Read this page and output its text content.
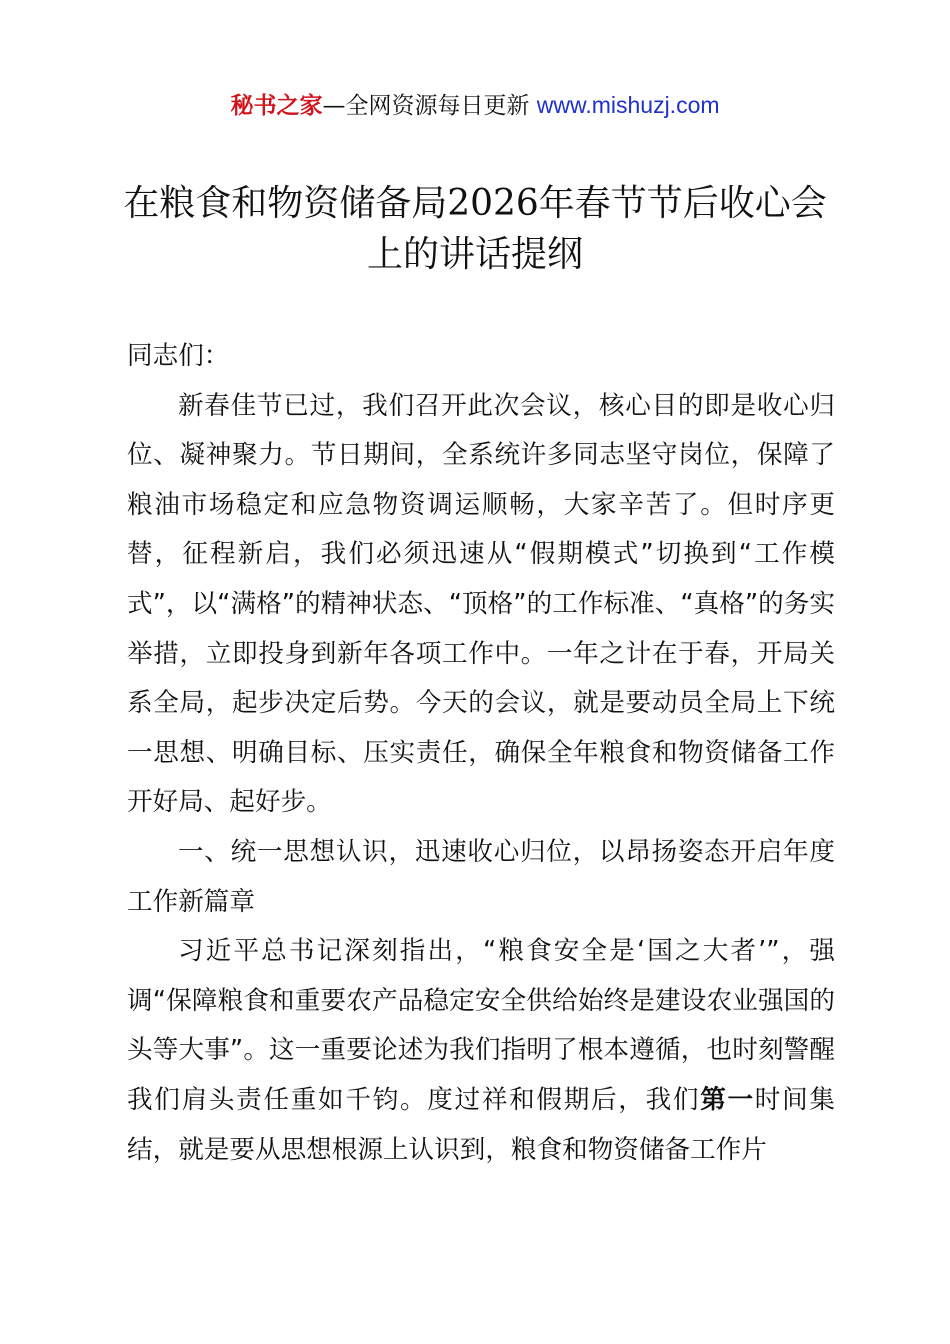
秘书之家—全网资源每日更新 www.mishuzj.com
在粮食和物资储备局2026年春节节后收心会上的讲话提纲

同志们：

新春佳节已过，我们召开此次会议，核心目的即是收心归位、凝神聚力。节日期间，全系统许多同志坚守岗位，保障了粮油市场稳定和应急物资调运顺畅，大家辛苦了。但时序更替，征程新启，我们必须迅速从“假期模式”切换到“工作模式”，以“满格”的精神状态、“顶格”的工作标准、“真格”的务实举措，立即投身到新年各项工作中。一年之计在于春，开局关系全局，起步决定后势。今天的会议，就是要动员全局上下统一思想、明确目标、压实责任，确保全年粮食和物资储备工作开好局、起好步。

一、统一思想认识，迅速收心归位，以昂扬姿态开启年度工作新篇章

习近平总书记深刻指出，“粮食安全是‘国之大者’”，强调“保障粮食和重要农产品稳定安全供给始终是建设农业强国的头等大事”。这一重要论述为我们指明了根本遵循，也时刻警醒我们肩头责任重如千钧。度过祥和假期后，我们第一时间集结，就是要从思想根源上认识到，粮食和物资储备工作片
